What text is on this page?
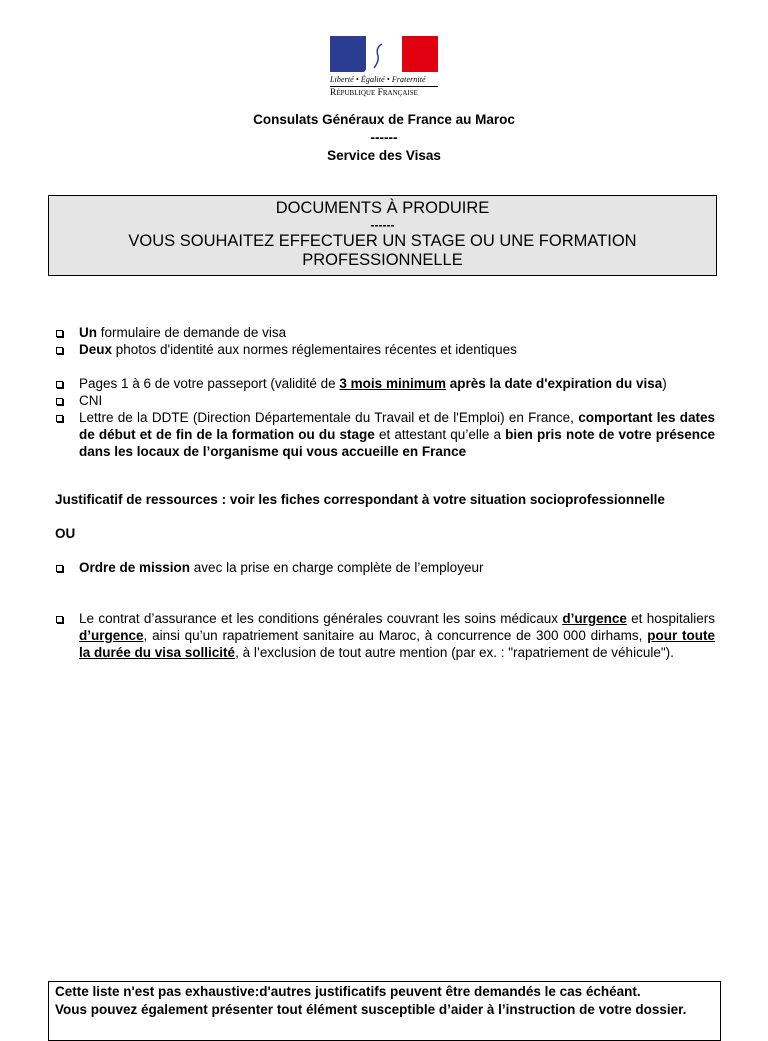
Liberté • Égalité • Fraternité
République Française
Consulats Généraux de France au Maroc
------
Service des Visas
DOCUMENTS À PRODUIRE
------
VOUS SOUHAITEZ EFFECTUER UN STAGE OU UNE FORMATION PROFESSIONNELLE
Un formulaire de demande de visa
Deux photos d'identité aux normes réglementaires récentes et identiques
Pages 1 à 6 de votre passeport (validité de 3 mois minimum après la date d'expiration du visa)
CNI
Lettre de la DDTE (Direction Départementale du Travail et de l'Emploi) en France, comportant les dates de début et de fin de la formation ou du stage et attestant qu’elle a bien pris note de votre présence dans les locaux de l’organisme qui vous accueille en France
Justificatif de ressources : voir les fiches correspondant à votre situation socioprofessionnelle
OU
Ordre de mission avec la prise en charge complète de l’employeur
Le contrat d’assurance et les conditions générales couvrant les soins médicaux d’urgence et hospitaliers d’urgence, ainsi qu’un rapatriement sanitaire au Maroc, à concurrence de 300 000 dirhams, pour toute la durée du visa sollicité, à l’exclusion de tout autre mention (par ex. : "rapatriement de véhicule").
Cette liste n'est pas exhaustive:d'autres justificatifs peuvent être demandés le cas échéant.
Vous pouvez également présenter tout élément susceptible d’aider à l’instruction de votre dossier.
